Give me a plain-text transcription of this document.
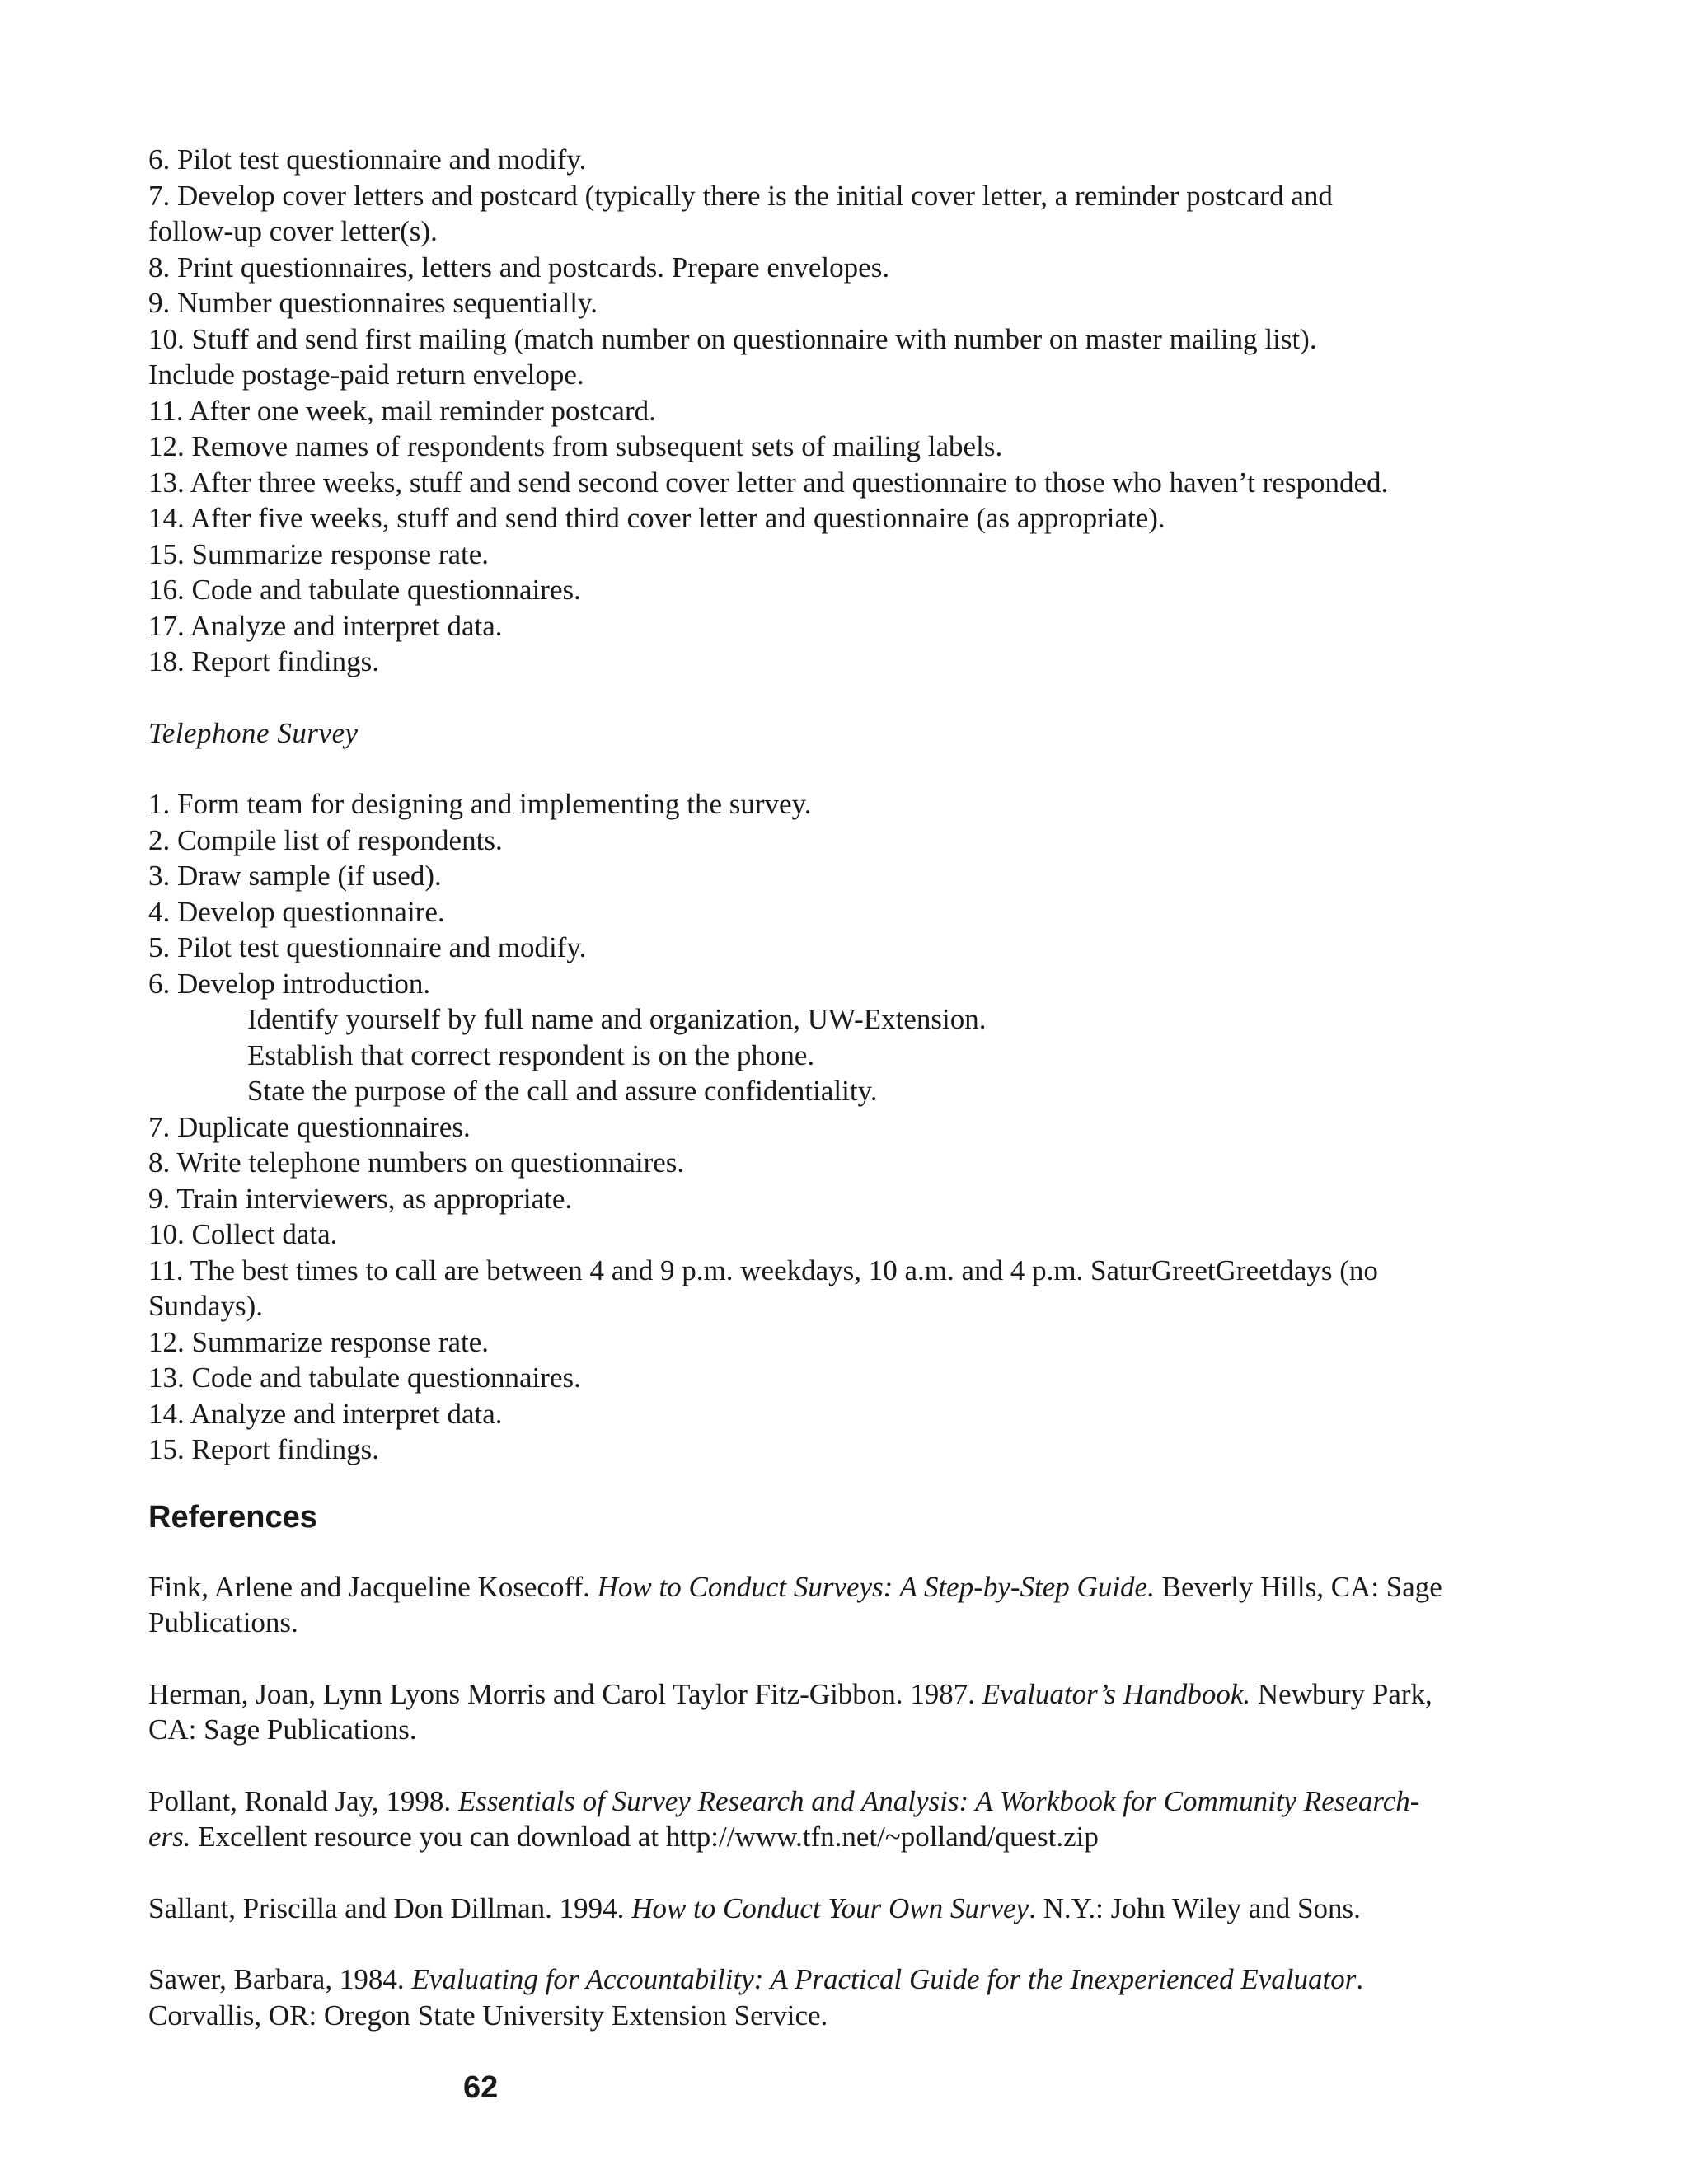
6. Pilot test questionnaire and modify.
7. Develop cover letters and postcard (typically there is the initial cover letter, a reminder postcard and
follow-up cover letter(s).
8. Print questionnaires, letters and postcards. Prepare envelopes.
9. Number questionnaires sequentially.
10. Stuff and send first mailing (match number on questionnaire with number on master mailing list).
Include postage-paid return envelope.
11. After one week, mail reminder postcard.
12. Remove names of respondents from subsequent sets of mailing labels.
13. After three weeks, stuff and send second cover letter and questionnaire to those who haven’t responded.
14. After five weeks, stuff and send third cover letter and questionnaire (as appropriate).
15. Summarize response rate.
16. Code and tabulate questionnaires.
17. Analyze and interpret data.
18. Report findings.
Telephone Survey
1. Form team for designing and implementing the survey.
2. Compile list of respondents.
3. Draw sample (if used).
4. Develop questionnaire.
5. Pilot test questionnaire and modify.
6. Develop introduction.
Identify yourself by full name and organization, UW-Extension.
Establish that correct respondent is on the phone.
State the purpose of the call and assure confidentiality.
7. Duplicate questionnaires.
8. Write telephone numbers on questionnaires.
9. Train interviewers, as appropriate.
10. Collect data.
11. The best times to call are between 4 and 9 p.m. weekdays, 10 a.m. and 4 p.m. SaturGreetGreetdays (no
Sundays).
12. Summarize response rate.
13. Code and tabulate questionnaires.
14. Analyze and interpret data.
15. Report findings.
References
Fink, Arlene and Jacqueline Kosecoff. How to Conduct Surveys: A Step-by-Step Guide. Beverly Hills, CA: Sage Publications.
Herman, Joan, Lynn Lyons Morris and Carol Taylor Fitz-Gibbon. 1987. Evaluator’s Handbook. Newbury Park, CA: Sage Publications.
Pollant, Ronald Jay, 1998. Essentials of Survey Research and Analysis: A Workbook for Community Research-ers. Excellent resource you can download at http://www.tfn.net/~polland/quest.zip
Sallant, Priscilla and Don Dillman. 1994. How to Conduct Your Own Survey. N.Y.: John Wiley and Sons.
Sawer, Barbara, 1984. Evaluating for Accountability: A Practical Guide for the Inexperienced Evaluator. Corvallis, OR: Oregon State University Extension Service.
62
